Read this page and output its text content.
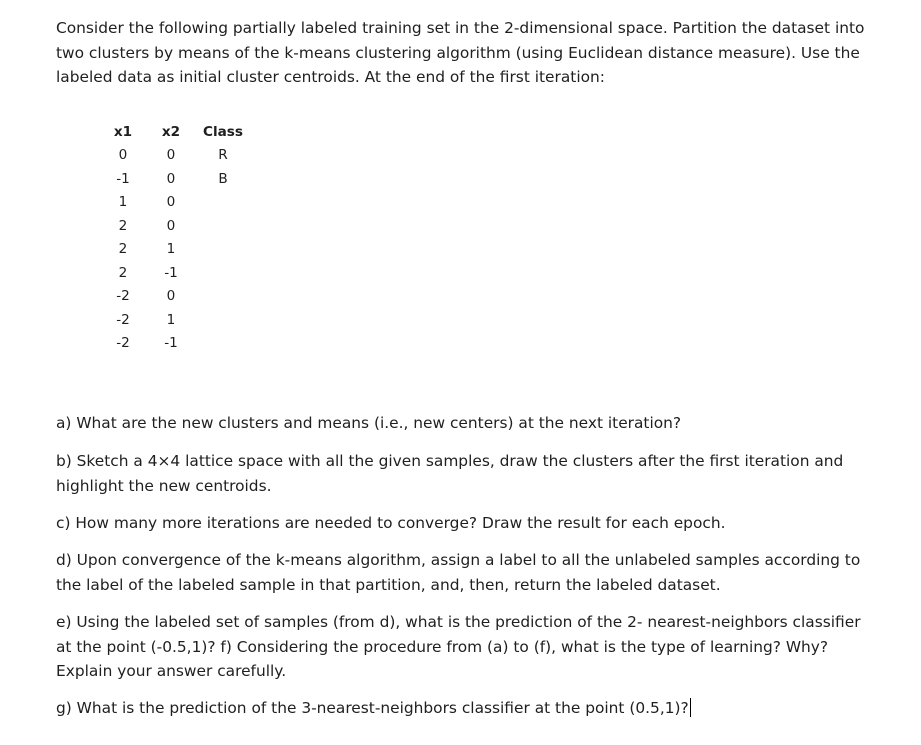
Consider the following partially labeled training set in the 2-dimensional space. Partition the dataset into two clusters by means of the k-means clustering algorithm (using Euclidean distance measure). Use the labeled data as initial cluster centroids. At the end of the first iteration:

x1	x2	Class
0	0	R
-1	0	B
1	0	
2	0	
2	1	
2	-1	
-2	0	
-2	1	
-2	-1	

a) What are the new clusters and means (i.e., new centers) at the next iteration?

b) Sketch a 4×4 lattice space with all the given samples, draw the clusters after the first iteration and highlight the new centroids.

c) How many more iterations are needed to converge? Draw the result for each epoch.

d) Upon convergence of the k-means algorithm, assign a label to all the unlabeled samples according to the label of the labeled sample in that partition, and, then, return the labeled dataset.

e) Using the labeled set of samples (from d), what is the prediction of the 2- nearest-neighbors classifier at the point (-0.5,1)? f) Considering the procedure from (a) to (f), what is the type of learning? Why? Explain your answer carefully.

g) What is the prediction of the 3-nearest-neighbors classifier at the point (0.5,1)?
